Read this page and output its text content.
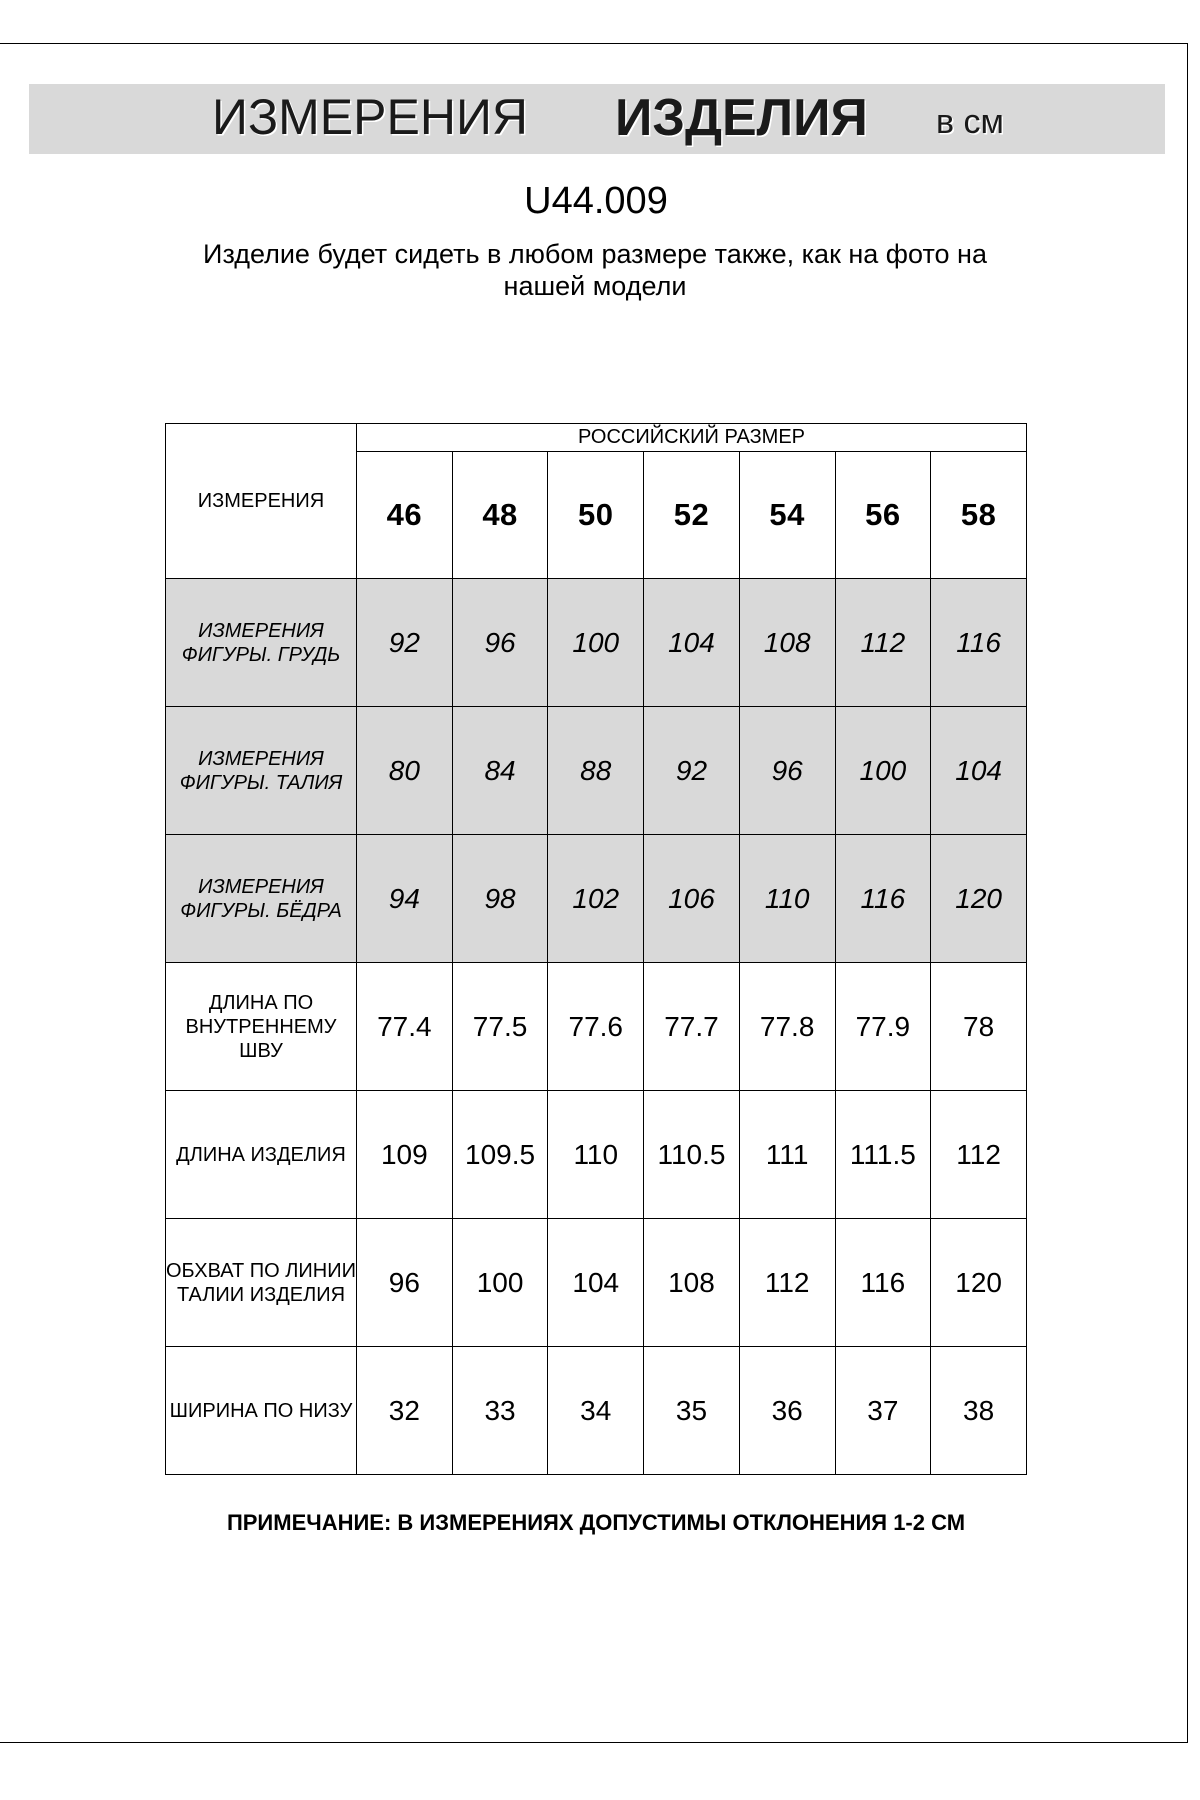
ИЗМЕРЕНИЯ ИЗДЕЛИЯ в см
U44.009
Изделие будет сидеть в любом размере также, как на фото на нашей модели
ИЗМЕРЕНИЯ	РОССИЙСКИЙ РАЗМЕР						
	46	48	50	52	54	56	58
ИЗМЕРЕНИЯ ФИГУРЫ. ГРУДЬ	92	96	100	104	108	112	116
ИЗМЕРЕНИЯ ФИГУРЫ. ТАЛИЯ	80	84	88	92	96	100	104
ИЗМЕРЕНИЯ ФИГУРЫ. БЁДРА	94	98	102	106	110	116	120
ДЛИНА ПО ВНУТРЕННЕМУ ШВУ	77.4	77.5	77.6	77.7	77.8	77.9	78
ДЛИНА ИЗДЕЛИЯ	109	109.5	110	110.5	111	111.5	112
ОБХВАТ ПО ЛИНИИ ТАЛИИ ИЗДЕЛИЯ	96	100	104	108	112	116	120
ШИРИНА ПО НИЗУ	32	33	34	35	36	37	38
ПРИМЕЧАНИЕ: В ИЗМЕРЕНИЯХ ДОПУСТИМЫ ОТКЛОНЕНИЯ 1-2 СМ
